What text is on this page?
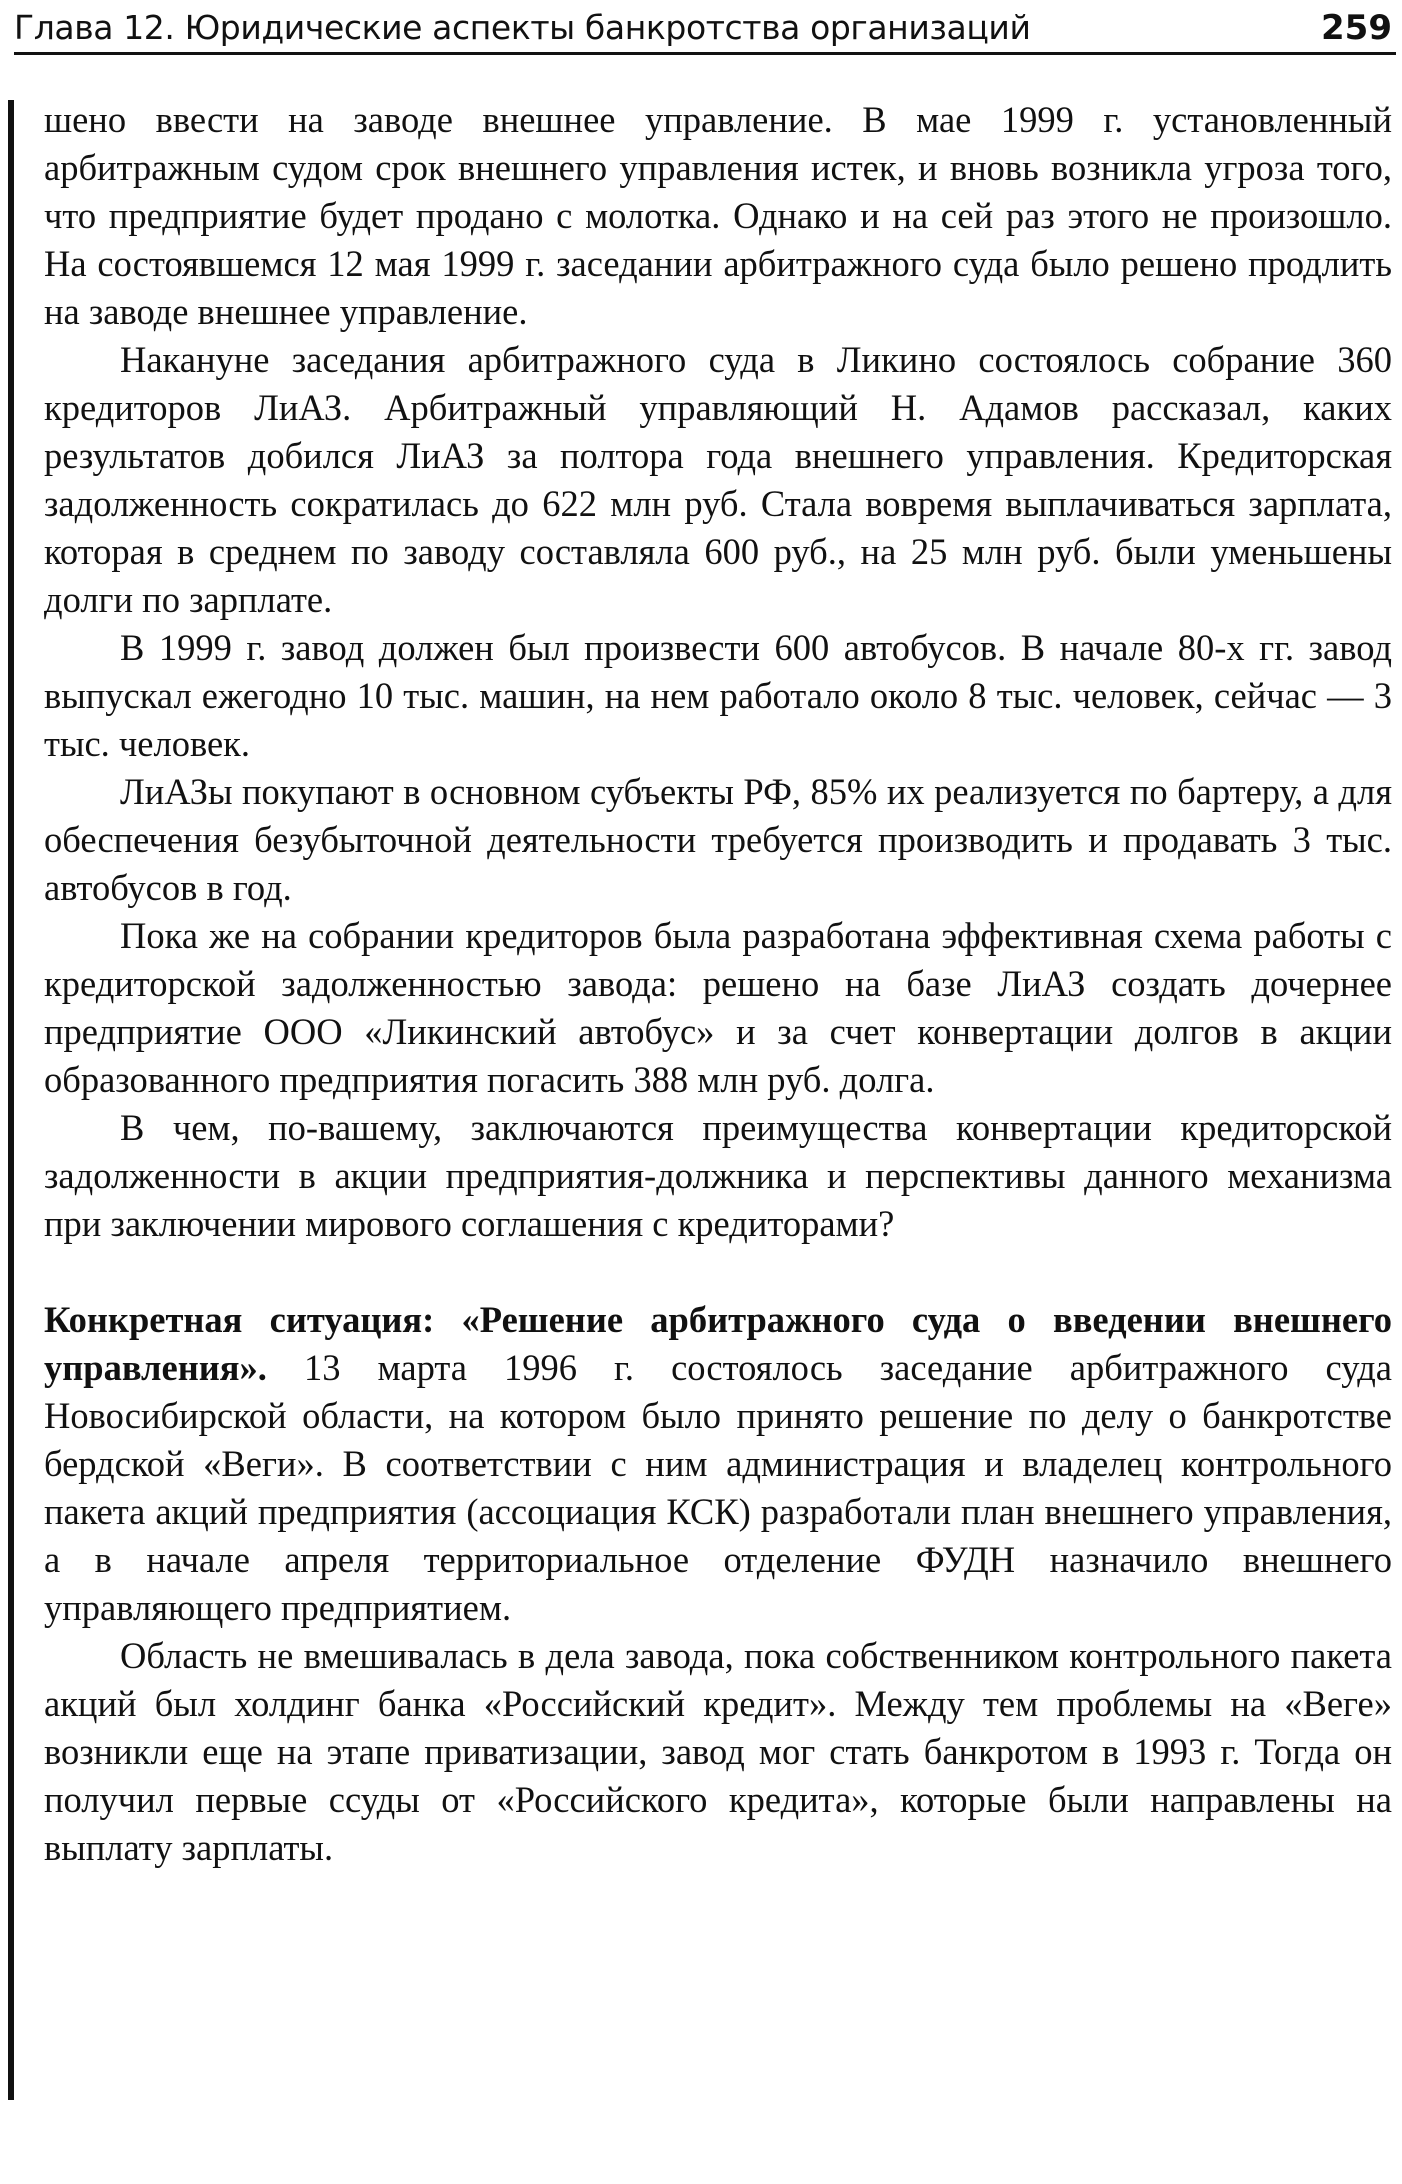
Глава 12. Юридические аспекты банкротства организаций	259

шено ввести на заводе внешнее управление. В мае 1999 г. установленный арбитражным судом срок внешнего управления истек, и вновь возникла угроза того, что предприятие будет продано с молотка. Однако и на сей раз этого не произошло. На состоявшемся 12 мая 1999 г. заседании арбитражного суда было решено продлить на заводе внешнее управление.

Накануне заседания арбитражного суда в Ликино состоялось собрание 360 кредиторов ЛиАЗ. Арбитражный управляющий Н. Адамов рассказал, каких результатов добился ЛиАЗ за полтора года внешнего управления. Кредиторская задолженность сократилась до 622 млн руб. Стала вовремя выплачиваться зарплата, которая в среднем по заводу составляла 600 руб., на 25 млн руб. были уменьшены долги по зарплате.

В 1999 г. завод должен был произвести 600 автобусов. В начале 80-х гг. завод выпускал ежегодно 10 тыс. машин, на нем работало около 8 тыс. человек, сейчас — 3 тыс. человек.

ЛиАЗы покупают в основном субъекты РФ, 85% их реализуется по бартеру, а для обеспечения безубыточной деятельности требуется производить и продавать 3 тыс. автобусов в год.

Пока же на собрании кредиторов была разработана эффективная схема работы с кредиторской задолженностью завода: решено на базе ЛиАЗ создать дочернее предприятие ООО «Ликинский автобус» и за счет конвертации долгов в акции образованного предприятия погасить 388 млн руб. долга.

В чем, по-вашему, заключаются преимущества конвертации кредиторской задолженности в акции предприятия-должника и перспективы данного механизма при заключении мирового соглашения с кредиторами?

Конкретная ситуация: «Решение арбитражного суда о введении внешнего управления». 13 марта 1996 г. состоялось заседание арбитражного суда Новосибирской области, на котором было принято решение по делу о банкротстве бердской «Веги». В соответствии с ним администрация и владелец контрольного пакета акций предприятия (ассоциация КСК) разработали план внешнего управления, а в начале апреля территориальное отделение ФУДН назначило внешнего управляющего предприятием.

Область не вмешивалась в дела завода, пока собственником контрольного пакета акций был холдинг банка «Российский кредит». Между тем проблемы на «Веге» возникли еще на этапе приватизации, завод мог стать банкротом в 1993 г. Тогда он получил первые ссуды от «Российского кредита», которые были направлены на выплату зарплаты.
